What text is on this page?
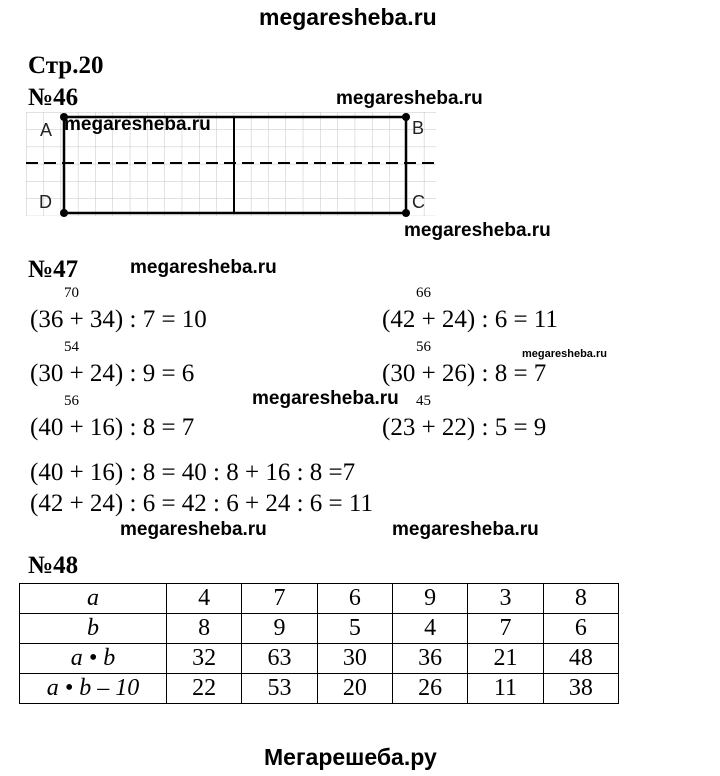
megaresheba.ru
Стр.20
№46	megaresheba.ru
A	B
C
D
megaresheba.ru
megaresheba.ru
№47	megaresheba.ru
70
(36 + 34) : 7 = 10
54
(30 + 24) : 9 = 6
56
(40 + 16) : 8 = 7
66
(42 + 24) : 6 = 11
56
(30 + 26) : 8 = 7
45
(23 + 22) : 5 = 9
megaresheba.ru
megaresheba.ru
(40 + 16) : 8 = 40 : 8 + 16 : 8 =7
(42 + 24) : 6 = 42 : 6 + 24 : 6 = 11
megaresheba.ru	megaresheba.ru
№48
a	4	7	6	9	3	8
b	8	9	5	4	7	6
a • b	32	63	30	36	21	48
a • b – 10	22	53	20	26	11	38
Мегарешеба.ру
